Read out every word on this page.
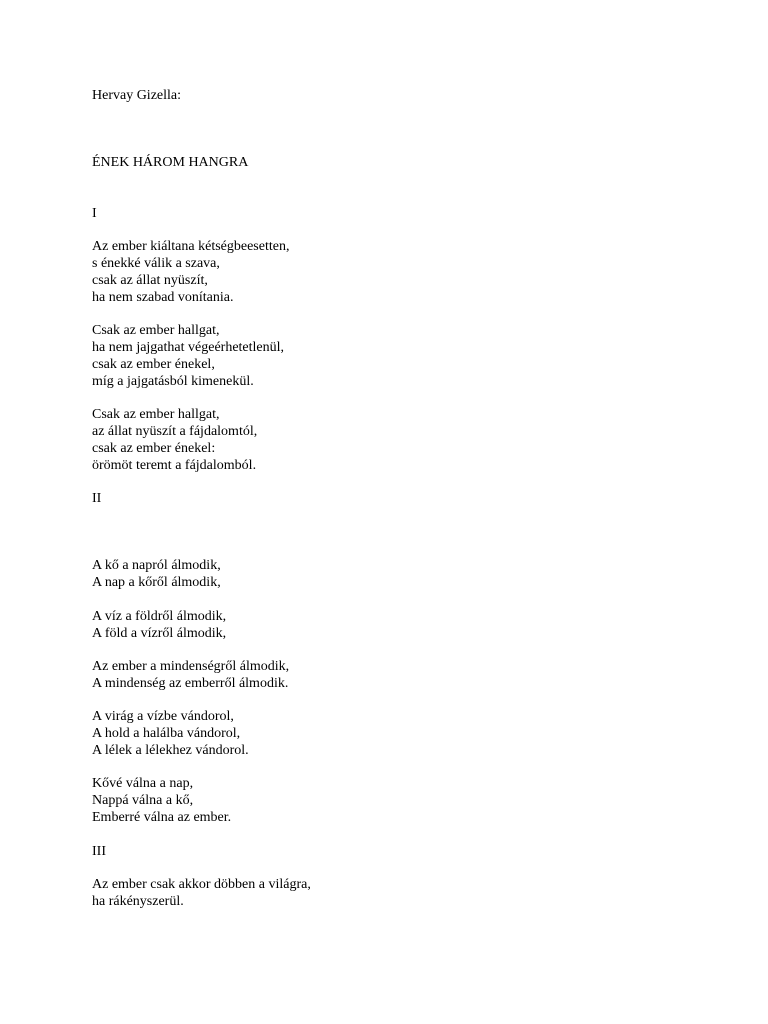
Hervay Gizella:

ÉNEK HÁROM HANGRA

I

Az ember kiáltana kétségbeesetten,

s énekké válik a szava,

csak az állat nyüszít,

ha nem szabad vonítania.

Csak az ember hallgat,

ha nem jajgathat végeérhetetlenül,

csak az ember énekel,

míg a jajgatásból kimenekül.

Csak az ember hallgat,

az állat nyüszít a fájdalomtól,

csak az ember énekel:

örömöt teremt a fájdalomból.

II

A kő a napról álmodik,

A nap a kőről álmodik,

A víz a földről álmodik,

A föld a vízről álmodik,

Az ember a mindenségről álmodik,

A mindenség az emberről álmodik.

A virág a vízbe vándorol,

A hold a halálba vándorol,

A lélek a lélekhez vándorol.

Kővé válna a nap,

Nappá válna a kő,

Emberré válna az ember.

III

Az ember csak akkor döbben a világra,

ha rákényszerül.
